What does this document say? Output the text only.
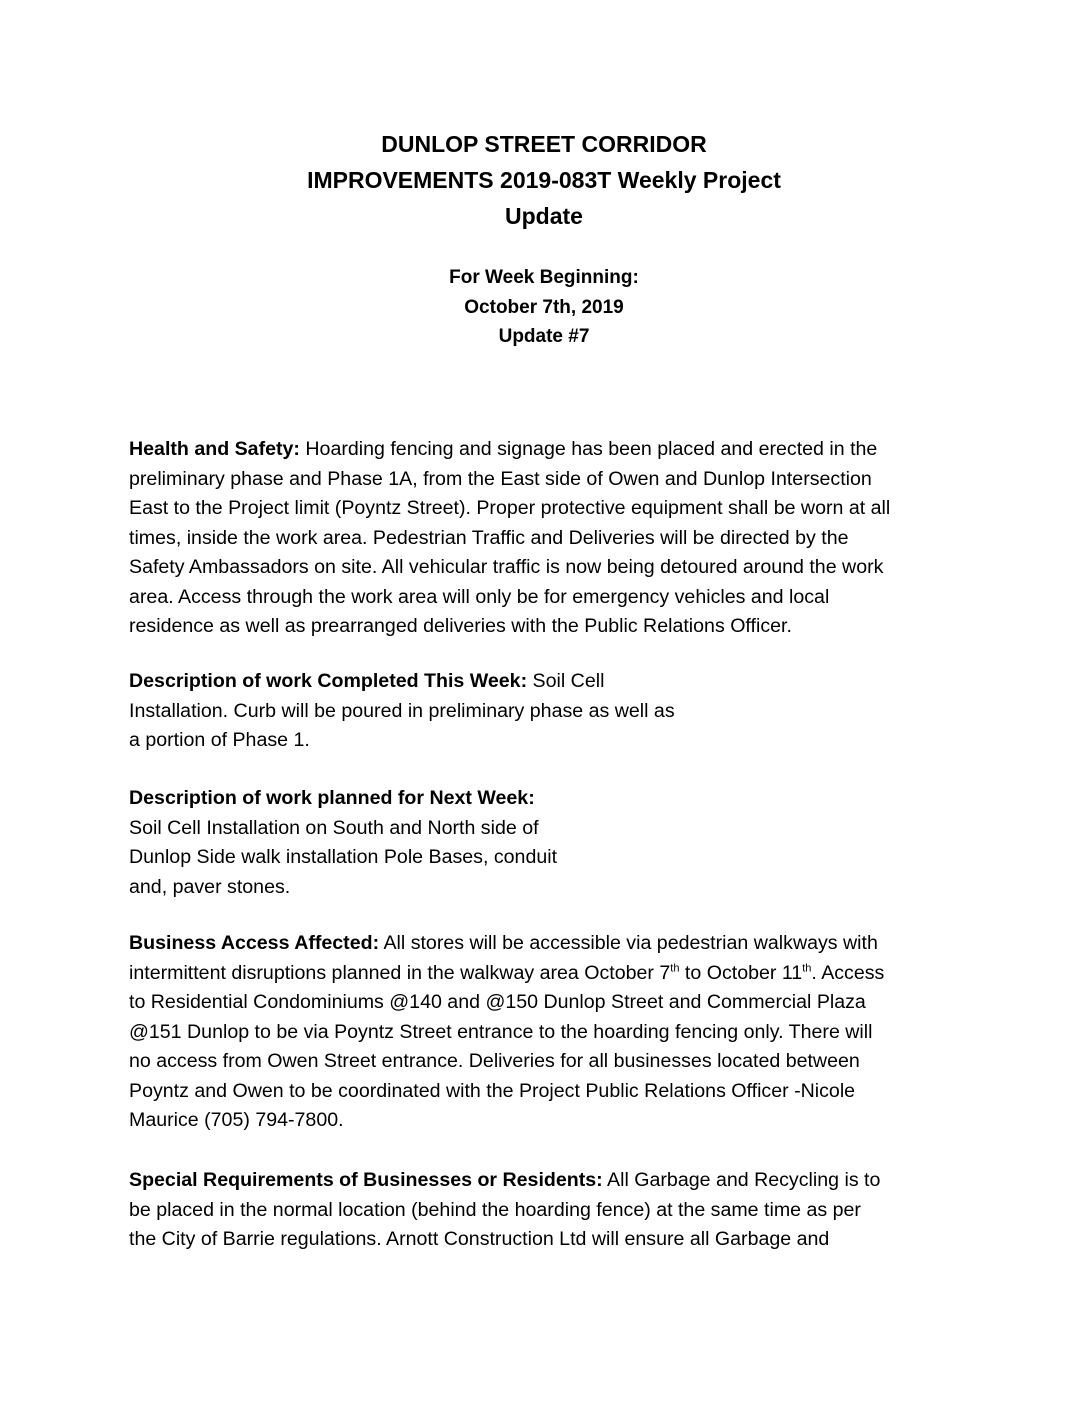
DUNLOP STREET CORRIDOR
IMPROVEMENTS 2019-083T Weekly Project
Update
For Week Beginning:
October 7th, 2019
Update #7
Health and Safety: Hoarding fencing and signage has been placed and erected in the
preliminary phase and Phase 1A, from the East side of Owen and Dunlop Intersection
East to the Project limit (Poyntz Street). Proper protective equipment shall be worn at all
times, inside the work area. Pedestrian Traffic and Deliveries will be directed by the
Safety Ambassadors on site. All vehicular traffic is now being detoured around the work
area. Access through the work area will only be for emergency vehicles and local
residence as well as prearranged deliveries with the Public Relations Officer.
Description of work Completed This Week: Soil Cell
Installation. Curb will be poured in preliminary phase as well as
a portion of Phase 1.
Description of work planned for Next Week:
Soil Cell Installation on South and North side of
Dunlop Side walk installation Pole Bases, conduit
and, paver stones.
Business Access Affected: All stores will be accessible via pedestrian walkways with
intermittent disruptions planned in the walkway area October 7th to October 11th. Access
to Residential Condominiums @140 and @150 Dunlop Street and Commercial Plaza
@151 Dunlop to be via Poyntz Street entrance to the hoarding fencing only. There will
no access from Owen Street entrance. Deliveries for all businesses located between
Poyntz and Owen to be coordinated with the Project Public Relations Officer -Nicole
Maurice (705) 794-7800.
Special Requirements of Businesses or Residents: All Garbage and Recycling is to
be placed in the normal location (behind the hoarding fence) at the same time as per
the City of Barrie regulations. Arnott Construction Ltd will ensure all Garbage and
